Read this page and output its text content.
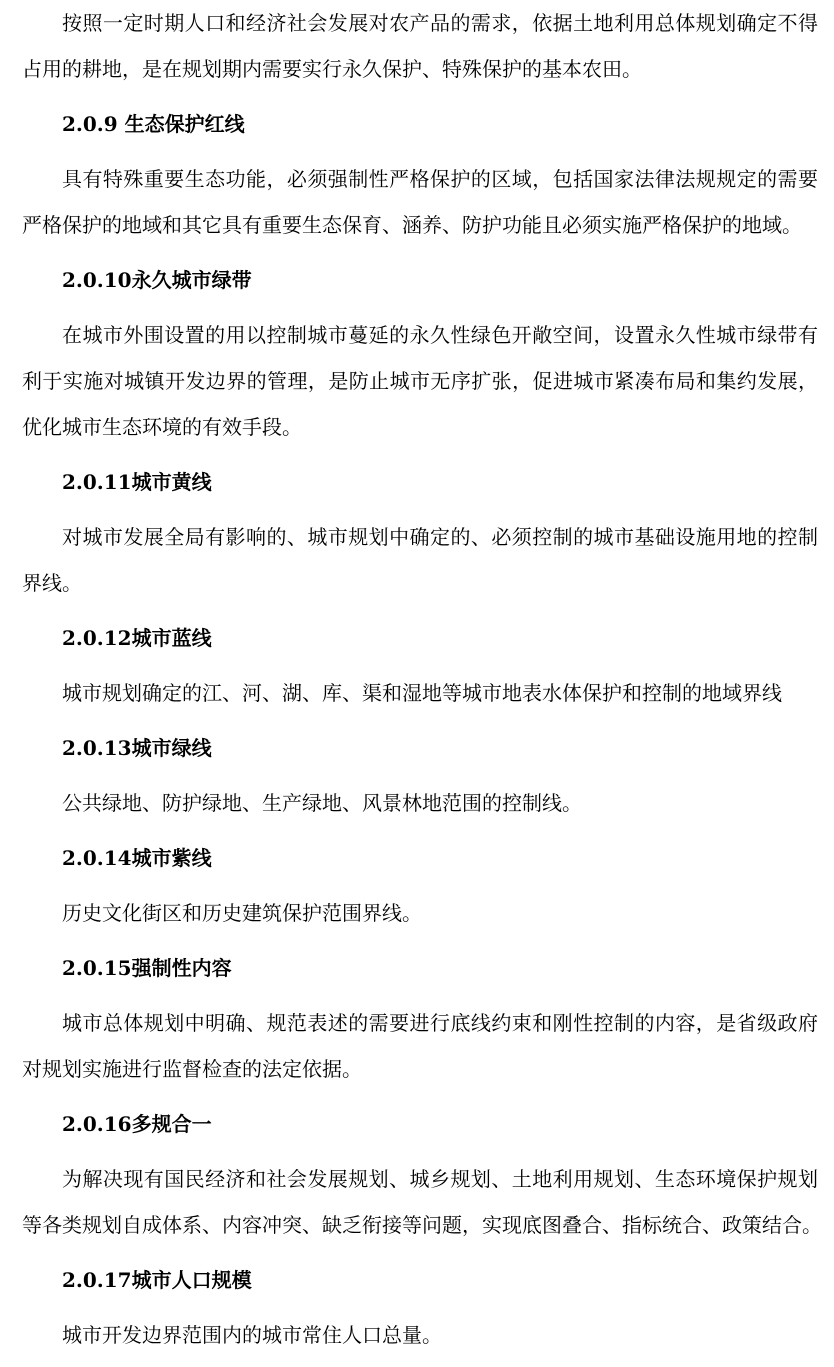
按照一定时期人口和经济社会发展对农产品的需求，依据土地利用总体规划确定不得
占用的耕地，是在规划期内需要实行永久保护、特殊保护的基本农田。
2.0.9 生态保护红线
具有特殊重要生态功能，必须强制性严格保护的区域，包括国家法律法规规定的需要
严格保护的地域和其它具有重要生态保育、涵养、防护功能且必须实施严格保护的地域。
2.0.10永久城市绿带
在城市外围设置的用以控制城市蔓延的永久性绿色开敞空间，设置永久性城市绿带有
利于实施对城镇开发边界的管理，是防止城市无序扩张，促进城市紧凑布局和集约发展，
优化城市生态环境的有效手段。
2.0.11城市黄线
对城市发展全局有影响的、城市规划中确定的、必须控制的城市基础设施用地的控制
界线。
2.0.12城市蓝线
城市规划确定的江、河、湖、库、渠和湿地等城市地表水体保护和控制的地域界线
2.0.13城市绿线
公共绿地、防护绿地、生产绿地、风景林地范围的控制线。
2.0.14城市紫线
历史文化街区和历史建筑保护范围界线。
2.0.15强制性内容
城市总体规划中明确、规范表述的需要进行底线约束和刚性控制的内容，是省级政府
对规划实施进行监督检查的法定依据。
2.0.16多规合一
为解决现有国民经济和社会发展规划、城乡规划、土地利用规划、生态环境保护规划
等各类规划自成体系、内容冲突、缺乏衔接等问题，实现底图叠合、指标统合、政策结合。
2.0.17城市人口规模
城市开发边界范围内的城市常住人口总量。
